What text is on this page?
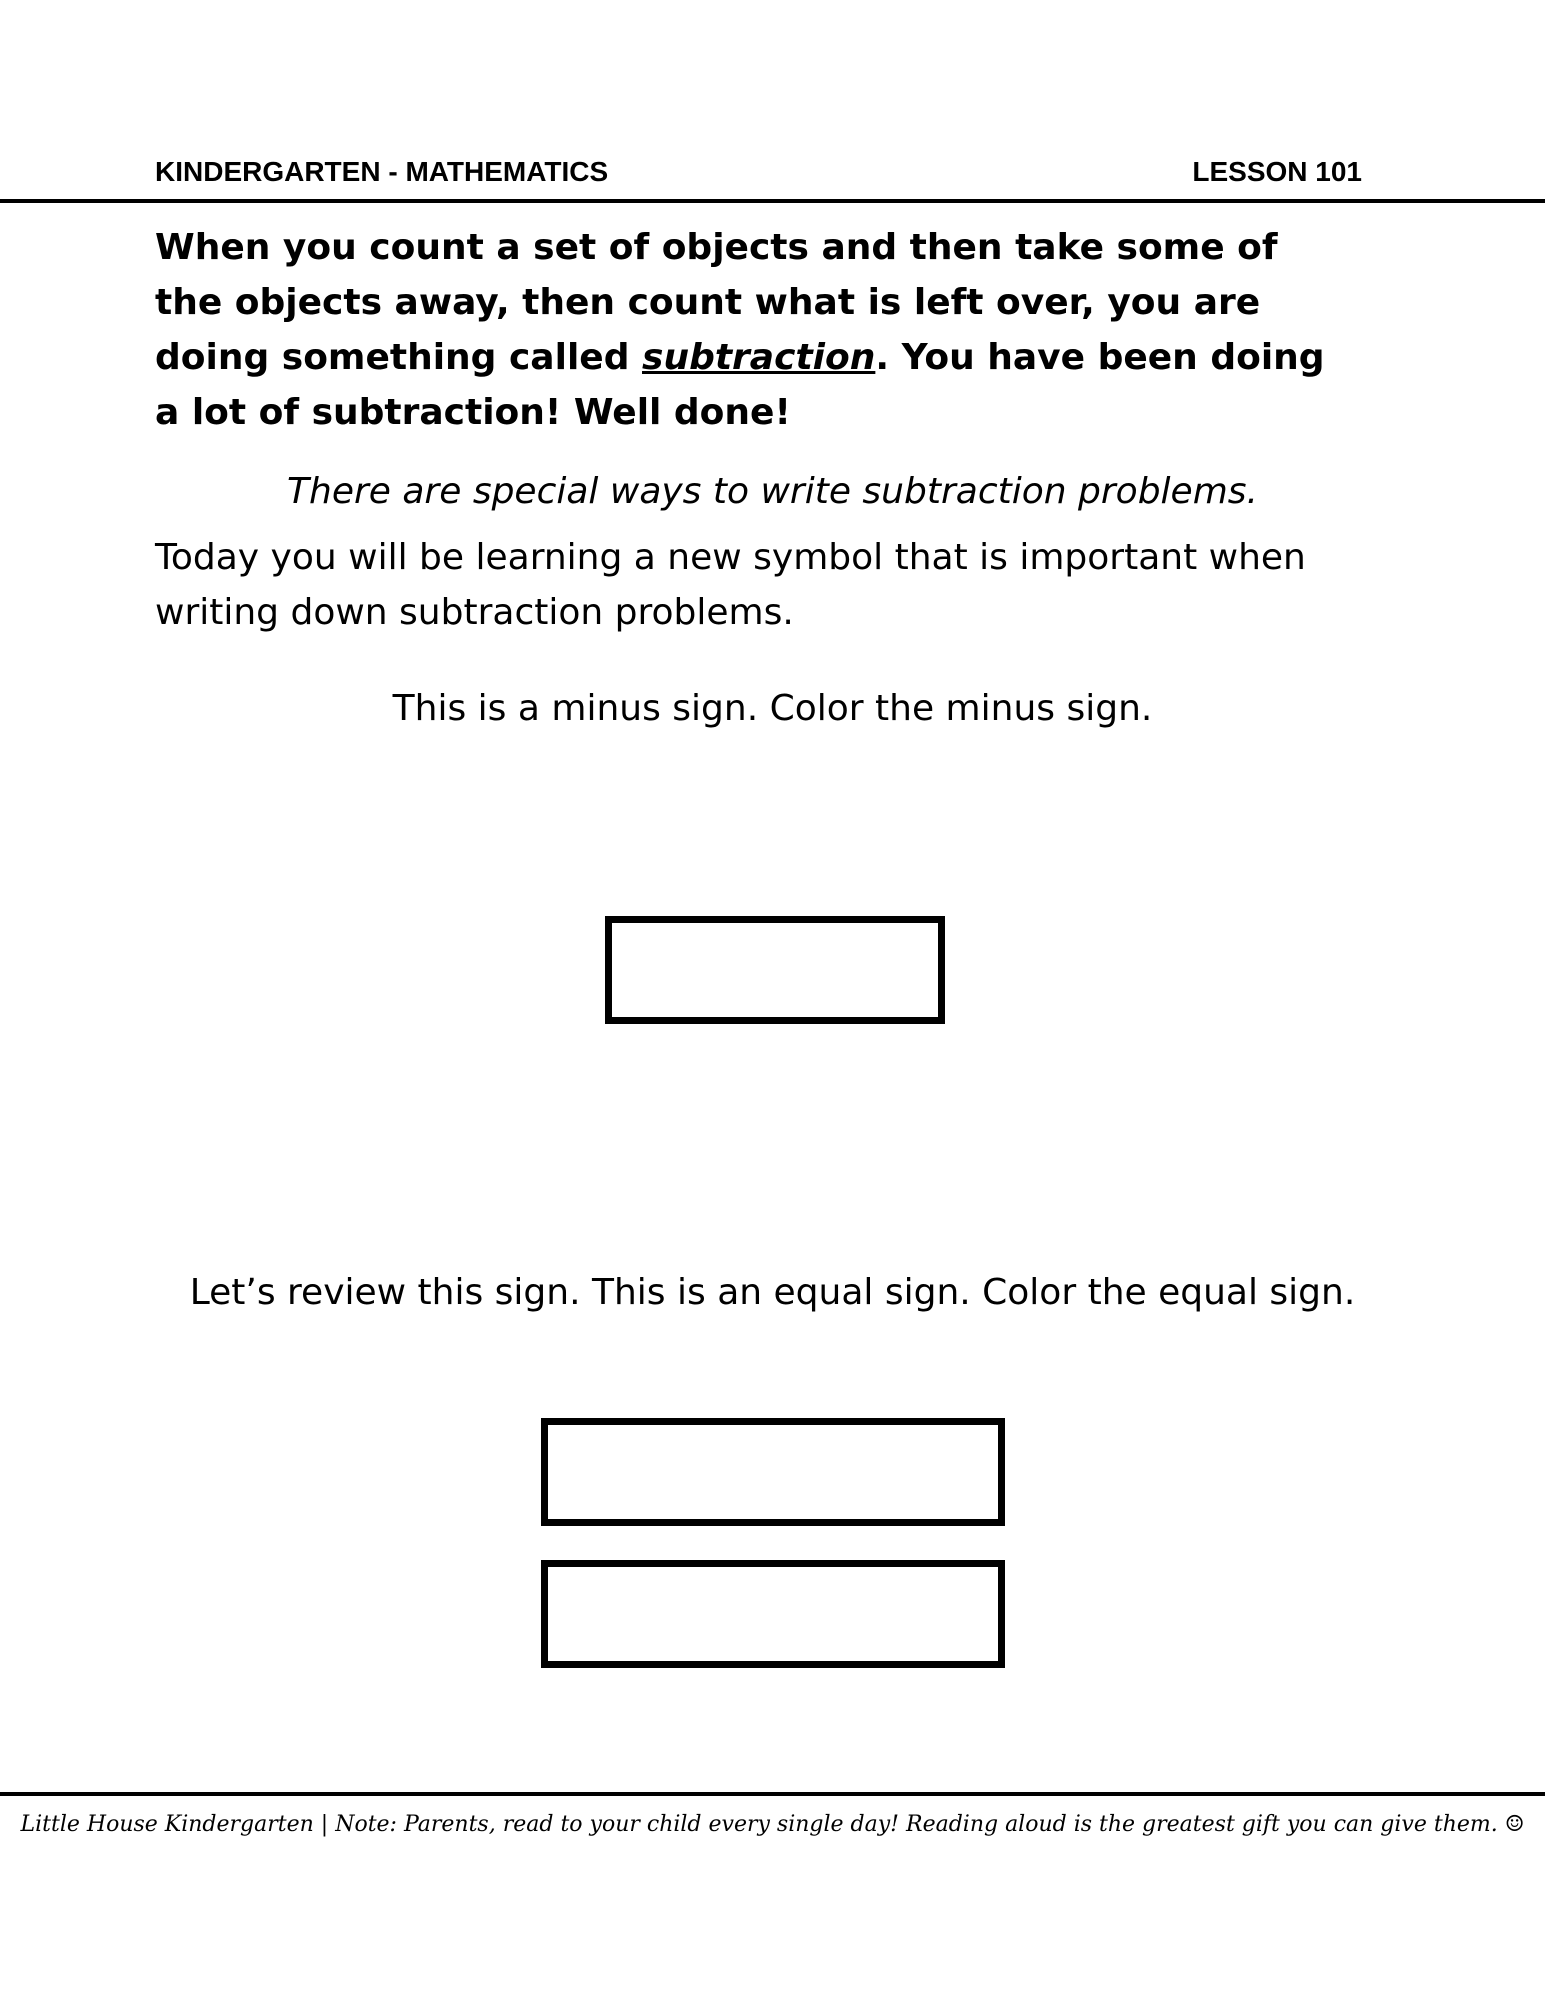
KINDERGARTEN - MATHEMATICS	LESSON 101

When you count a set of objects and then take some of the objects away, then count what is left over, you are doing something called subtraction. You have been doing a lot of subtraction! Well done!

There are special ways to write subtraction problems.

Today you will be learning a new symbol that is important when writing down subtraction problems.

This is a minus sign. Color the minus sign.

Let’s review this sign. This is an equal sign. Color the equal sign.

Little House Kindergarten | Note: Parents, read to your child every single day! Reading aloud is the greatest gift you can give them. ☺
